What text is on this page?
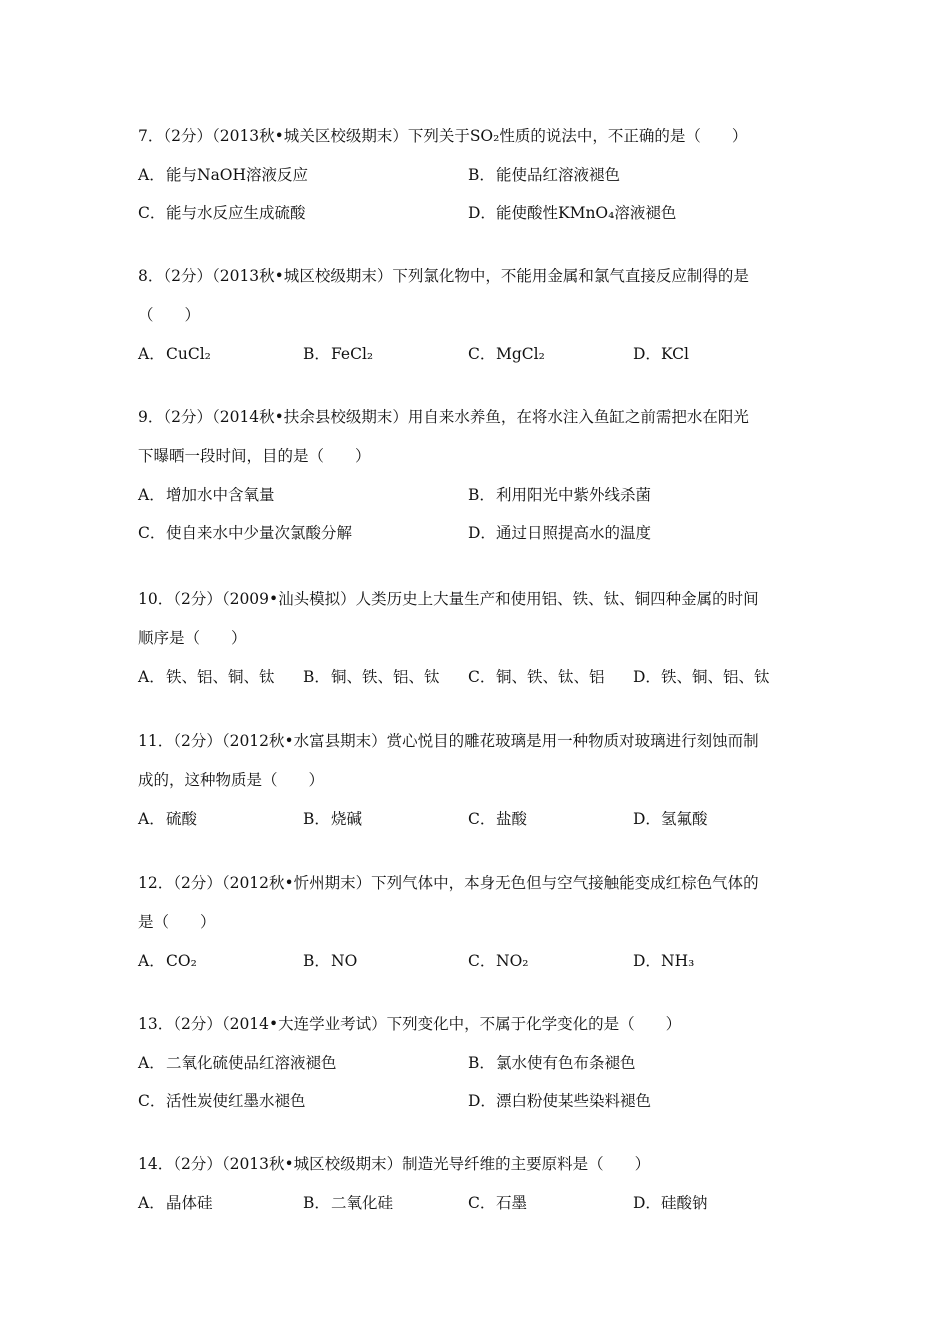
7．（2分）（2013秋•城关区校级期末）下列关于SO₂性质的说法中，不正确的是（　　）

A．能与NaOH溶液反应	B．能使品红溶液褪色
C．能与水反应生成硫酸	D．能使酸性KMnO₄溶液褪色

8．（2分）（2013秋•城区校级期末）下列氯化物中，不能用金属和氯气直接反应制得的是

（　　）

A．CuCl₂	B．FeCl₂	C．MgCl₂	D．KCl

9．（2分）（2014秋•扶余县校级期末）用自来水养鱼，在将水注入鱼缸之前需把水在阳光

下曝晒一段时间，目的是（　　）

A．增加水中含氧量	B．利用阳光中紫外线杀菌
C．使自来水中少量次氯酸分解	D．通过日照提高水的温度

10．（2分）（2009•汕头模拟）人类历史上大量生产和使用铝、铁、钛、铜四种金属的时间

顺序是（　　）

A．铁、铝、铜、钛 B．铜、铁、铝、钛 C．铜、铁、钛、铝 D．铁、铜、铝、钛

11．（2分）（2012秋•水富县期末）赏心悦目的雕花玻璃是用一种物质对玻璃进行刻蚀而制

成的，这种物质是（　　）

A．硫酸	B．烧碱	C．盐酸	D．氢氟酸

12．（2分）（2012秋•忻州期末）下列气体中，本身无色但与空气接触能变成红棕色气体的

是（　　）

A．CO₂	B．NO	C．NO₂	D．NH₃

13．（2分）（2014•大连学业考试）下列变化中，不属于化学变化的是（　　）

A．二氧化硫使品红溶液褪色	B．氯水使有色布条褪色
C．活性炭使红墨水褪色	D．漂白粉使某些染料褪色

14．（2分）（2013秋•城区校级期末）制造光导纤维的主要原料是（　　）

A．晶体硅	B．二氧化硅	C．石墨	D．硅酸钠
